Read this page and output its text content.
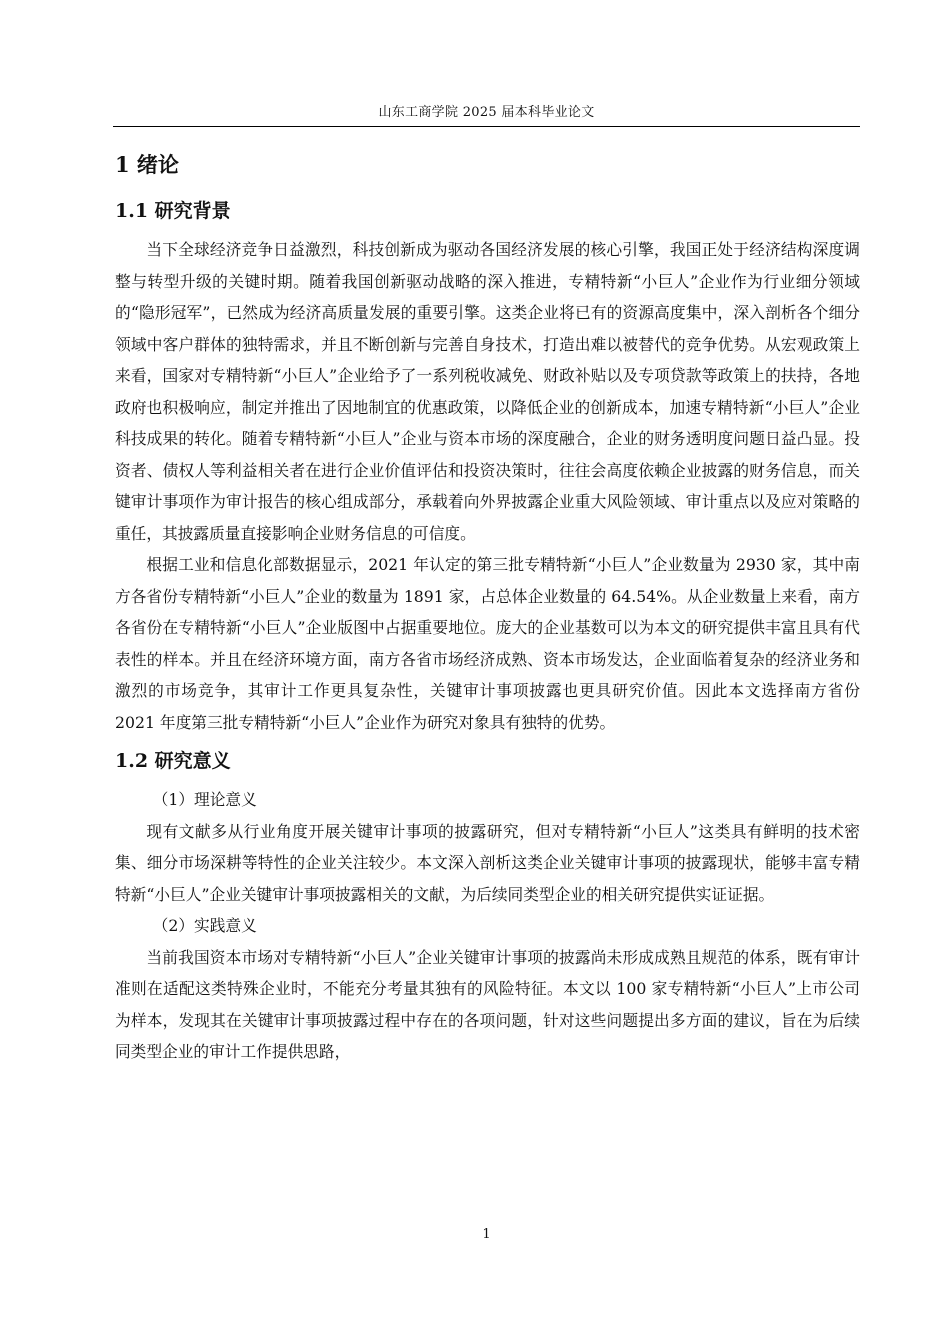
山东工商学院 2025 届本科毕业论文
1 绪论
1.1 研究背景

当下全球经济竞争日益激烈，科技创新成为驱动各国经济发展的核心引擎，我国正处于经济结构深度调整与转型升级的关键时期。随着我国创新驱动战略的深入推进，专精特新“小巨人”企业作为行业细分领域的“隐形冠军”，已然成为经济高质量发展的重要引擎。这类企业将已有的资源高度集中，深入剖析各个细分领域中客户群体的独特需求，并且不断创新与完善自身技术，打造出难以被替代的竞争优势。从宏观政策上来看，国家对专精特新“小巨人”企业给予了一系列税收减免、财政补贴以及专项贷款等政策上的扶持，各地政府也积极响应，制定并推出了因地制宜的优惠政策，以降低企业的创新成本，加速专精特新“小巨人”企业科技成果的转化。随着专精特新“小巨人”企业与资本市场的深度融合，企业的财务透明度问题日益凸显。投资者、债权人等利益相关者在进行企业价值评估和投资决策时，往往会高度依赖企业披露的财务信息，而关键审计事项作为审计报告的核心组成部分，承载着向外界披露企业重大风险领域、审计重点以及应对策略的重任，其披露质量直接影响企业财务信息的可信度。

根据工业和信息化部数据显示，2021 年认定的第三批专精特新“小巨人”企业数量为 2930 家，其中南方各省份专精特新“小巨人”企业的数量为 1891 家，占总体企业数量的 64.54%。从企业数量上来看，南方各省份在专精特新“小巨人”企业版图中占据重要地位。庞大的企业基数可以为本文的研究提供丰富且具有代表性的样本。并且在经济环境方面，南方各省市场经济成熟、资本市场发达，企业面临着复杂的经济业务和激烈的市场竞争，其审计工作更具复杂性，关键审计事项披露也更具研究价值。因此本文选择南方省份 2021 年度第三批专精特新“小巨人”企业作为研究对象具有独特的优势。

1.2 研究意义

（1）理论意义

现有文献多从行业角度开展关键审计事项的披露研究，但对专精特新“小巨人”这类具有鲜明的技术密集、细分市场深耕等特性的企业关注较少。本文深入剖析这类企业关键审计事项的披露现状，能够丰富专精特新“小巨人”企业关键审计事项披露相关的文献，为后续同类型企业的相关研究提供实证证据。

（2）实践意义

当前我国资本市场对专精特新“小巨人”企业关键审计事项的披露尚未形成成熟且规范的体系，既有审计准则在适配这类特殊企业时，不能充分考量其独有的风险特征。本文以 100 家专精特新“小巨人”上市公司为样本，发现其在关键审计事项披露过程中存在的各项问题，针对这些问题提出多方面的建议，旨在为后续同类型企业的审计工作提供思路，

1
